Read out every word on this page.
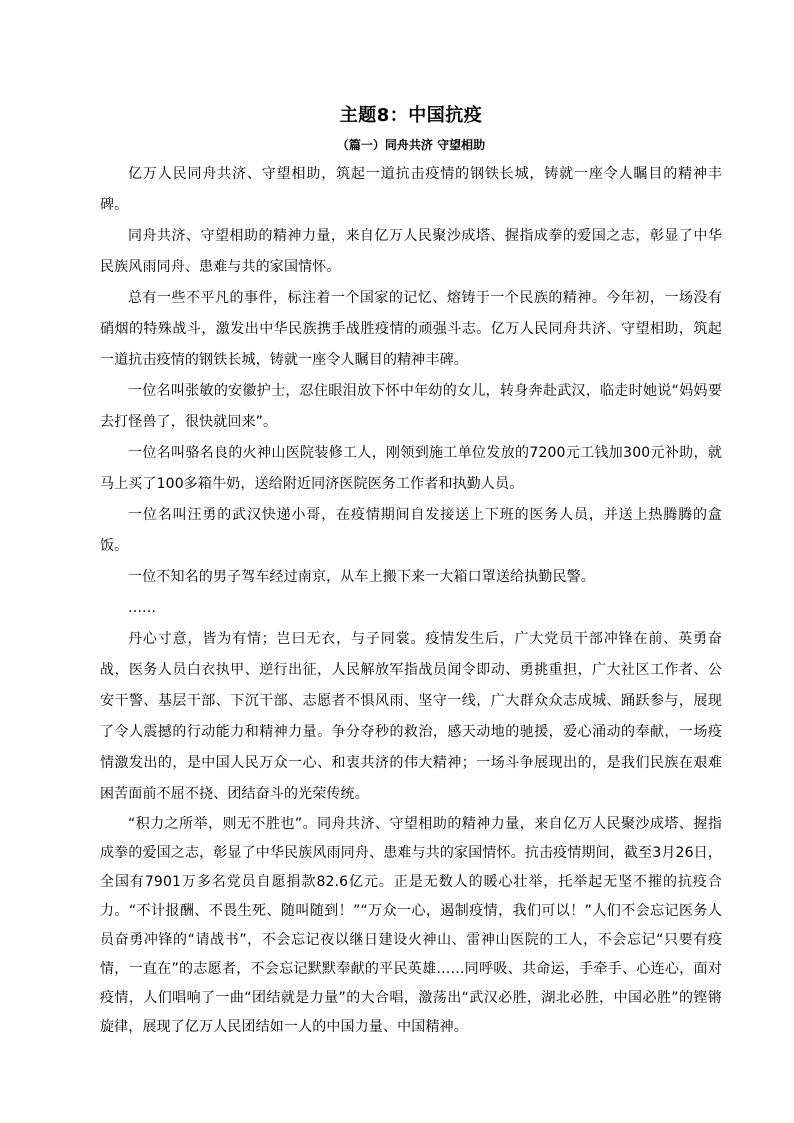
主题8：中国抗疫
（篇一）同舟共济 守望相助

亿万人民同舟共济、守望相助，筑起一道抗击疫情的钢铁长城，铸就一座令人瞩目的精神丰碑。

同舟共济、守望相助的精神力量，来自亿万人民聚沙成塔、握指成拳的爱国之志，彰显了中华民族风雨同舟、患难与共的家国情怀。

总有一些不平凡的事件，标注着一个国家的记忆、熔铸于一个民族的精神。今年初，一场没有硝烟的特殊战斗，激发出中华民族携手战胜疫情的顽强斗志。亿万人民同舟共济、守望相助，筑起一道抗击疫情的钢铁长城，铸就一座令人瞩目的精神丰碑。

一位名叫张敏的安徽护士，忍住眼泪放下怀中年幼的女儿，转身奔赴武汉，临走时她说“妈妈要去打怪兽了，很快就回来”。

一位名叫骆名良的火神山医院装修工人，刚领到施工单位发放的7200元工钱加300元补助，就马上买了100多箱牛奶，送给附近同济医院医务工作者和执勤人员。

一位名叫汪勇的武汉快递小哥，在疫情期间自发接送上下班的医务人员，并送上热腾腾的盒饭。

一位不知名的男子驾车经过南京，从车上搬下来一大箱口罩送给执勤民警。

……

丹心寸意，皆为有情；岂曰无衣，与子同裳。疫情发生后，广大党员干部冲锋在前、英勇奋战，医务人员白衣执甲、逆行出征，人民解放军指战员闻令即动、勇挑重担，广大社区工作者、公安干警、基层干部、下沉干部、志愿者不惧风雨、坚守一线，广大群众众志成城、踊跃参与，展现了令人震撼的行动能力和精神力量。争分夺秒的救治，感天动地的驰援，爱心涌动的奉献，一场疫情激发出的，是中国人民万众一心、和衷共济的伟大精神；一场斗争展现出的，是我们民族在艰难困苦面前不屈不挠、团结奋斗的光荣传统。

“积力之所举，则无不胜也”。同舟共济、守望相助的精神力量，来自亿万人民聚沙成塔、握指成拳的爱国之志，彰显了中华民族风雨同舟、患难与共的家国情怀。抗击疫情期间，截至3月26日，全国有7901万多名党员自愿捐款82.6亿元。正是无数人的暖心壮举，托举起无坚不摧的抗疫合力。“不计报酬、不畏生死、随叫随到！”“万众一心，遏制疫情，我们可以！”人们不会忘记医务人员奋勇冲锋的“请战书”，不会忘记夜以继日建设火神山、雷神山医院的工人，不会忘记“只要有疫情，一直在”的志愿者，不会忘记默默奉献的平民英雄……同呼吸、共命运，手牵手、心连心，面对疫情，人们唱响了一曲“团结就是力量”的大合唱，激荡出“武汉必胜，湖北必胜，中国必胜”的铿锵旋律，展现了亿万人民团结如一人的中国力量、中国精神。
